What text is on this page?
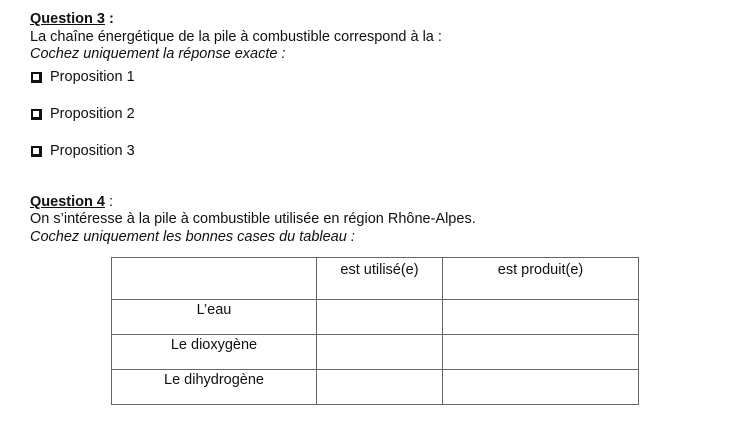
Question 3 :
La chaîne énergétique de la pile à combustible correspond à la :
Cochez uniquement la réponse exacte :
Proposition 1
Proposition 2
Proposition 3
Question 4 :
On s’intéresse à la pile à combustible utilisée en région Rhône-Alpes.
Cochez uniquement les bonnes cases du tableau :
	est utilisé(e)	est produit(e)
L’eau		
Le dioxygène		
Le dihydrogène		
